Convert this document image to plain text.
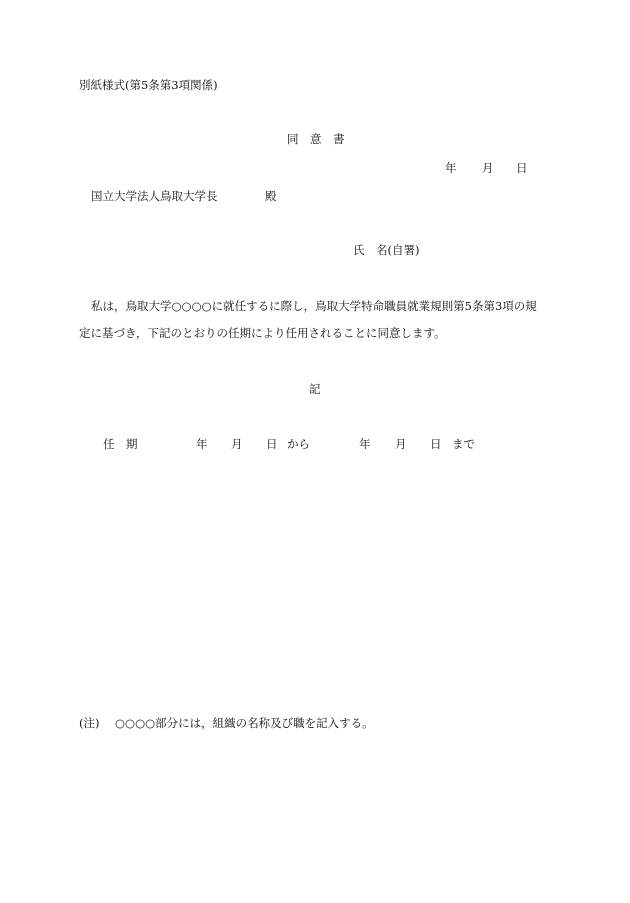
別紙様式(第5条第3項関係)
同　意　書
年 月 日
国立大学法人鳥取大学長	殿
氏　名(自署)
私は，鳥取大学○○○○に就任するに際し，鳥取大学特命職員就業規則第5条第3項の規
定に基づき，下記のとおりの任期により任用されることに同意します。
記
任　期	年 月 日 から	年 月 日 まで
(注) ○○○○部分には，組織の名称及び職を記入する。
